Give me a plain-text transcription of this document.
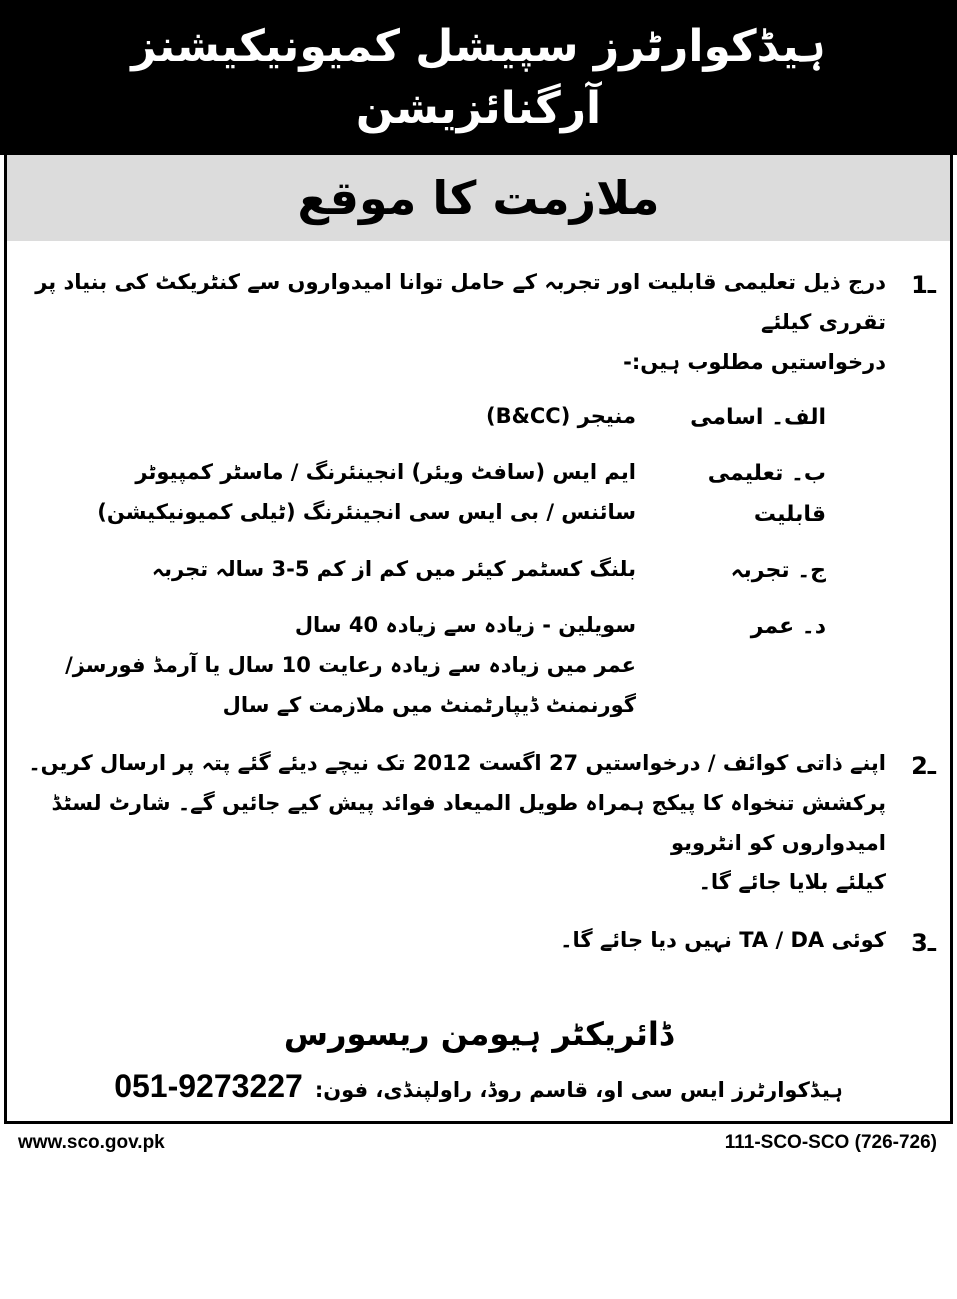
ہیڈکوارٹرز سپیشل کمیونیکیشنز آرگنائزیشن
ملازمت کا موقع
1ـ
درج ذیل تعلیمی قابلیت اور تجربہ کے حامل توانا امیدواروں سے کنٹریکٹ کی بنیاد پر تقرری کیلئے
درخواستیں مطلوب ہیں:-
الف۔ اسامی
منیجر (B&CC)
ب۔ تعلیمی قابلیت
ایم ایس (سافٹ ویئر) انجینئرنگ / ماسٹر کمپیوٹر
سائنس / بی ایس سی انجینئرنگ (ٹیلی کمیونیکیشن)
ج۔ تجربہ
بلنگ کسٹمر کیئر میں کم از کم 5-3 سالہ تجربہ
د۔ عمر
سویلین - زیادہ سے زیادہ 40 سال
عمر میں زیادہ سے زیادہ رعایت 10 سال یا آرمڈ فورسز/
گورنمنٹ ڈیپارٹمنٹ میں ملازمت کے سال
2ـ
اپنے ذاتی کوائف / درخواستیں 27 اگست 2012 تک نیچے دیئے گئے پتہ پر ارسال کریں۔
پرکشش تنخواہ کا پیکج ہمراہ طویل المیعاد فوائد پیش کیے جائیں گے۔ شارٹ لسٹڈ امیدواروں کو انٹرویو
کیلئے بلایا جائے گا۔
3ـ
کوئی TA / DA نہیں دیا جائے گا۔
ڈائریکٹر ہیومن ریسورس
ہیڈکوارٹرز ایس سی او، قاسم روڈ، راولپنڈی، فون:
051-9273227
www.sco.gov.pk	111-SCO-SCO (726-726)
